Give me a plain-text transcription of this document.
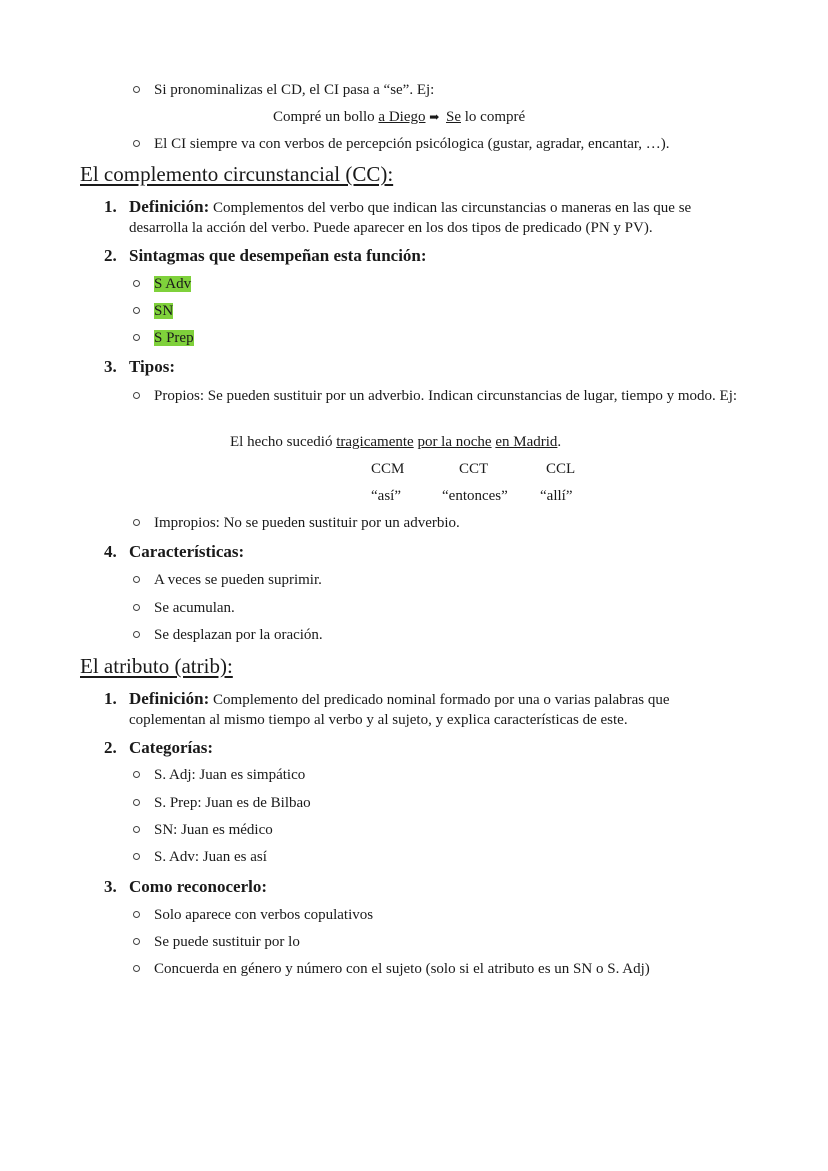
Si pronominalizas el CD, el CI pasa a “se”. Ej:
Compré un bollo a Diego ➡ Se lo compré
El CI siempre va con verbos de percepción psicólogica (gustar, agradar, encantar, …).
El complemento circunstancial (CC):
1. Definición: Complementos del verbo que indican las circunstancias o maneras en las que se desarrolla la acción del verbo. Puede aparecer en los dos tipos de predicado (PN y PV).
2. Sintagmas que desempeñan esta función:
S Adv
SN
S Prep
3. Tipos:
Propios: Se pueden sustituir por un adverbio. Indican circunstancias de lugar, tiempo y modo. Ej:
El hecho sucedió tragicamente por la noche en Madrid.
CCM	CCT	CCL
“así”	“entonces” “allí”
Impropios: No se pueden sustituir por un adverbio.
4. Características:
A veces se pueden suprimir.
Se acumulan.
Se desplazan por la oración.
El atributo (atrib):
1. Definición: Complemento del predicado nominal formado por una o varias palabras que coplementan al mismo tiempo al verbo y al sujeto, y explica características de este.
2. Categorías:
S. Adj: Juan es simpático
S. Prep: Juan es de Bilbao
SN: Juan es médico
S. Adv: Juan es así
3. Como reconocerlo:
Solo aparece con verbos copulativos
Se puede sustituir por lo
Concuerda en género y número con el sujeto (solo si el atributo es un SN o S. Adj)
